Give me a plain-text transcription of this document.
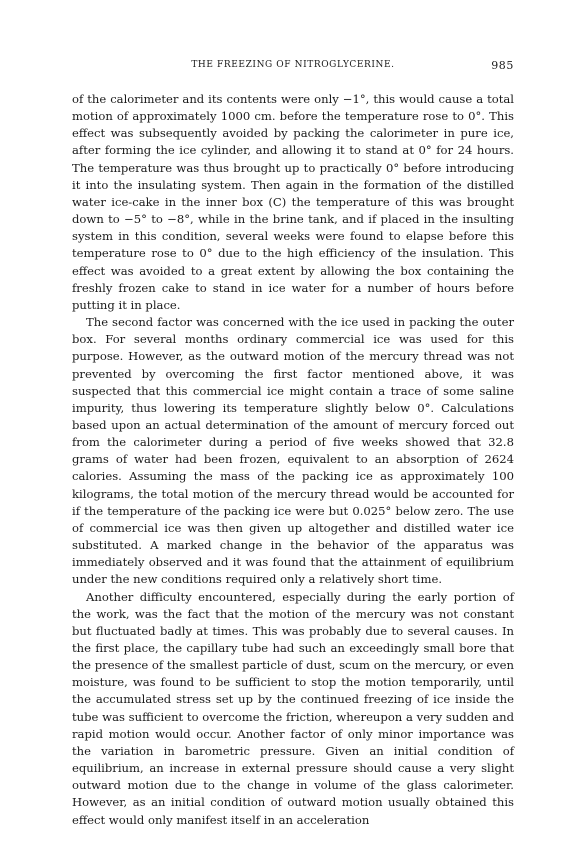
THE FREEZING OF NITROGLYCERINE.	985

of the calorimeter and its contents were only −1°, this would cause a total motion of approximately 1000 cm. before the temperature rose to 0°. This effect was subsequently avoided by packing the calorimeter in pure ice, after forming the ice cylinder, and allowing it to stand at 0° for 24 hours. The temperature was thus brought up to practically 0° before introducing it into the insulating system. Then again in the formation of the distilled water ice-cake in the inner box (C) the temperature of this was brought down to −5° to −8°, while in the brine tank, and if placed in the insulting system in this condition, several weeks were found to elapse before this temperature rose to 0° due to the high efficiency of the insulation. This effect was avoided to a great extent by allowing the box containing the freshly frozen cake to stand in ice water for a number of hours before putting it in place.

The second factor was concerned with the ice used in packing the outer box. For several months ordinary commercial ice was used for this purpose. However, as the outward motion of the mercury thread was not prevented by overcoming the first factor mentioned above, it was suspected that this commercial ice might contain a trace of some saline impurity, thus lowering its temperature slightly below 0°. Calculations based upon an actual determination of the amount of mercury forced out from the calorimeter during a period of five weeks showed that 32.8 grams of water had been frozen, equivalent to an absorption of 2624 calories. Assuming the mass of the packing ice as approximately 100 kilograms, the total motion of the mercury thread would be accounted for if the temperature of the packing ice were but 0.025° below zero. The use of commercial ice was then given up altogether and distilled water ice substituted. A marked change in the behavior of the apparatus was immediately observed and it was found that the attainment of equilibrium under the new conditions required only a relatively short time.

Another difficulty encountered, especially during the early portion of the work, was the fact that the motion of the mercury was not constant but fluctuated badly at times. This was probably due to several causes. In the first place, the capillary tube had such an exceedingly small bore that the presence of the smallest particle of dust, scum on the mercury, or even moisture, was found to be sufficient to stop the motion temporarily, until the accumulated stress set up by the continued freezing of ice inside the tube was sufficient to overcome the friction, whereupon a very sudden and rapid motion would occur. Another factor of only minor importance was the variation in barometric pressure. Given an initial condition of equilibrium, an increase in external pressure should cause a very slight outward motion due to the change in volume of the glass calorimeter. However, as an initial condition of outward motion usually obtained this effect would only manifest itself in an acceleration
